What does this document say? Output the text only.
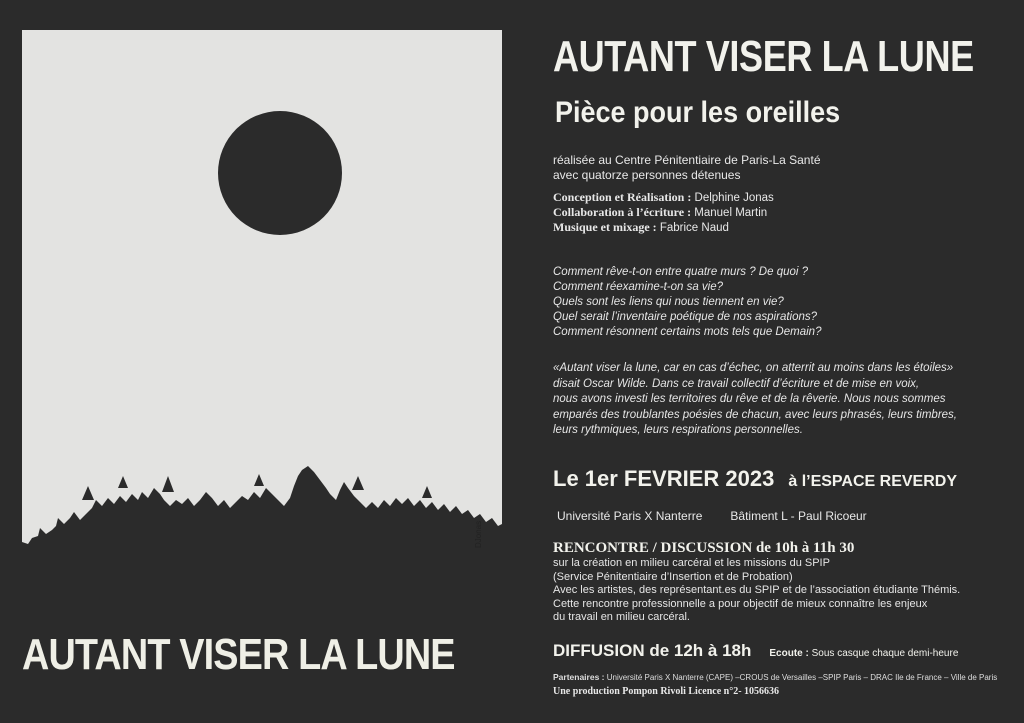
DJonas
AUTANT VISER LA LUNE
AUTANT VISER LA LUNE
Pièce pour les oreilles
réalisée au Centre Pénitentiaire de Paris-La Santé
avec quatorze personnes détenues
Conception et Réalisation : Delphine Jonas
Collaboration à l’écriture : Manuel Martin
Musique et mixage : Fabrice Naud
Comment rêve-t-on entre quatre murs ? De quoi ?
Comment réexamine-t-on sa vie?
Quels sont les liens qui nous tiennent en vie?
Quel serait l’inventaire poétique de nos aspirations?
Comment résonnent certains mots tels que Demain?
«Autant viser la lune, car en cas d’échec, on atterrit au moins dans les étoiles»
disait Oscar Wilde. Dans ce travail collectif d’écriture et de mise en voix,
nous avons investi les territoires du rêve et de la rêverie. Nous nous sommes
emparés des troublantes poésies de chacun, avec leurs phrasés, leurs timbres,
leurs rythmiques, leurs respirations personnelles.
Le 1er FEVRIER 2023 à l’ESPACE REVERDY
Université Paris X Nanterre Bâtiment L - Paul Ricoeur
RENCONTRE / DISCUSSION de 10h à 11h 30
sur la création en milieu carcéral et les missions du SPIP
(Service Pénitentiaire d’Insertion et de Probation)
Avec les artistes, des représentant.es du SPIP et de l’association étudiante Thémis.
Cette rencontre professionnelle a pour objectif de mieux connaître les enjeux
du travail en milieu carcéral.
DIFFUSION de 12h à 18h Ecoute : Sous casque chaque demi-heure
Partenaires : Université Paris X Nanterre (CAPE) –CROUS de Versailles –SPIP Paris – DRAC Ile de France – Ville de Paris
Une production Pompon Rivoli Licence n°2- 1056636
